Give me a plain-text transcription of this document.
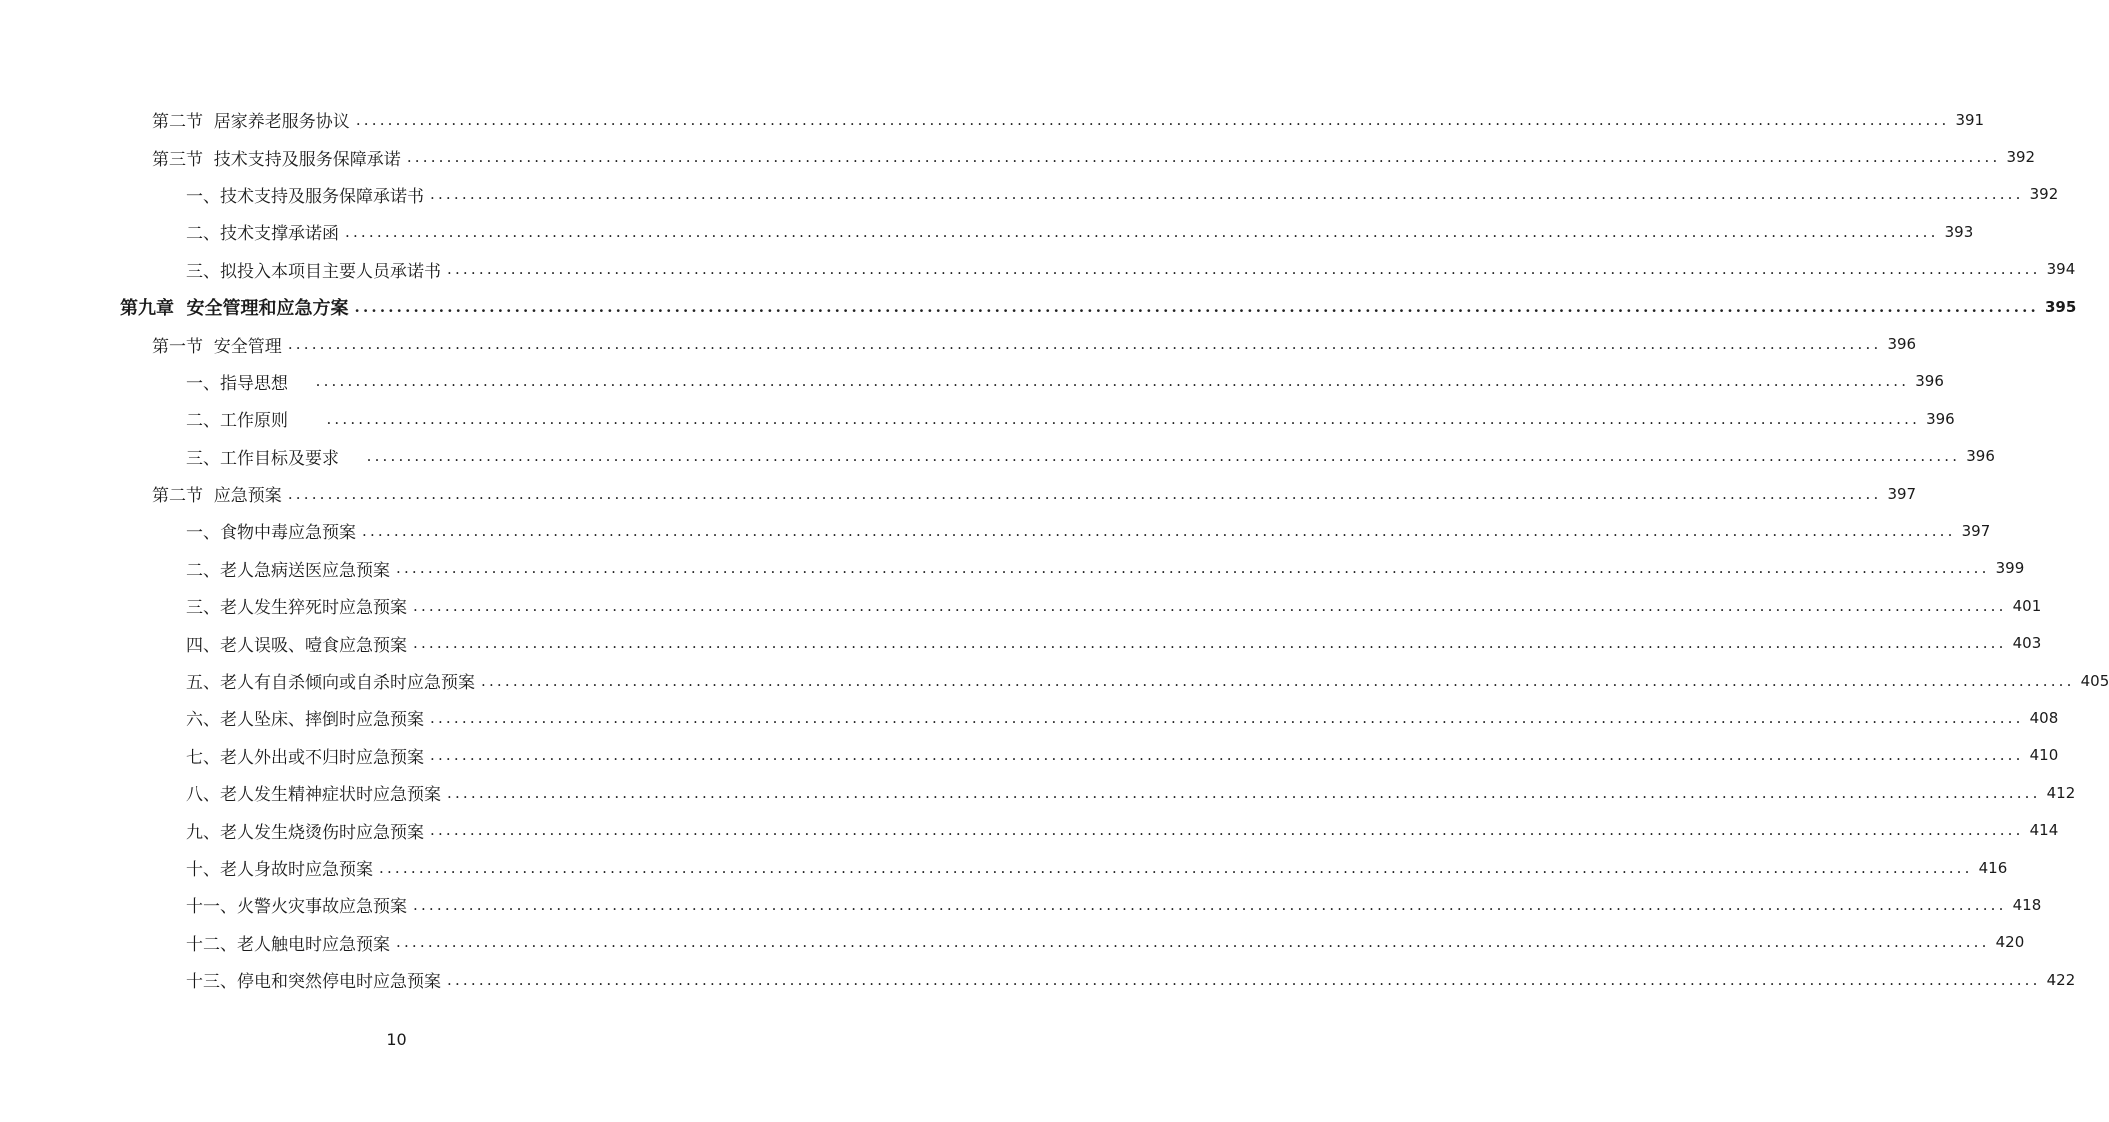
第二节  居家养老服务协议 ........................................................................................................................................................................................................ 391
第三节  技术支持及服务保障承诺 ........................................................................................................................................................................................................ 392
一、技术支持及服务保障承诺书 ........................................................................................................................................................................................................ 392
二、技术支撑承诺函 ........................................................................................................................................................................................................ 393
三、拟投入本项目主要人员承诺书 ........................................................................................................................................................................................................ 394
第九章  安全管理和应急方案 ........................................................................................................................................................................................................ 395
第一节  安全管理 ........................................................................................................................................................................................................ 396
一、指导思想 ........................................................................................................................................................................................................ 396
二、工作原则 ........................................................................................................................................................................................................ 396
三、工作目标及要求 ........................................................................................................................................................................................................ 396
第二节  应急预案 ........................................................................................................................................................................................................ 397
一、食物中毒应急预案 ........................................................................................................................................................................................................ 397
二、老人急病送医应急预案 ........................................................................................................................................................................................................ 399
三、老人发生猝死时应急预案 ........................................................................................................................................................................................................ 401
四、老人误吸、噎食应急预案 ........................................................................................................................................................................................................ 403
五、老人有自杀倾向或自杀时应急预案 ........................................................................................................................................................................................................ 405
六、老人坠床、摔倒时应急预案 ........................................................................................................................................................................................................ 408
七、老人外出或不归时应急预案 ........................................................................................................................................................................................................ 410
八、老人发生精神症状时应急预案 ........................................................................................................................................................................................................ 412
九、老人发生烧烫伤时应急预案 ........................................................................................................................................................................................................ 414
十、老人身故时应急预案 ........................................................................................................................................................................................................ 416
十一、火警火灾事故应急预案 ........................................................................................................................................................................................................ 418
十二、老人触电时应急预案 ........................................................................................................................................................................................................ 420
十三、停电和突然停电时应急预案 ........................................................................................................................................................................................................ 422
10
